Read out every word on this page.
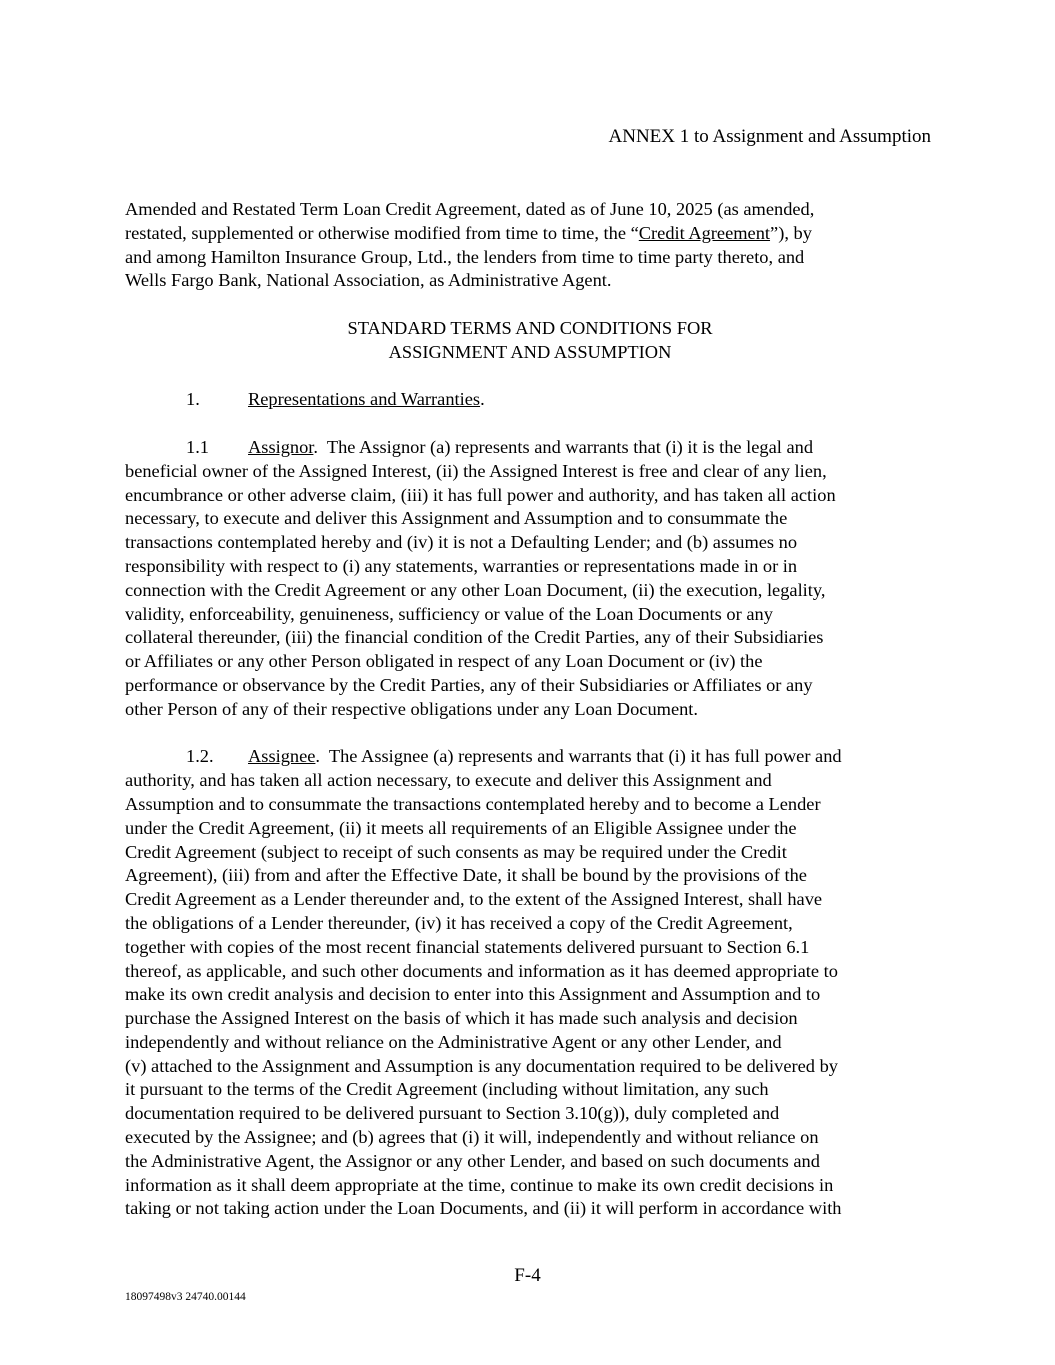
ANNEX 1 to Assignment and Assumption

Amended and Restated Term Loan Credit Agreement, dated as of June 10, 2025 (as amended,
restated, supplemented or otherwise modified from time to time, the “Credit Agreement”), by
and among Hamilton Insurance Group, Ltd., the lenders from time to time party thereto, and
Wells Fargo Bank, National Association, as Administrative Agent.

STANDARD TERMS AND CONDITIONS FOR
ASSIGNMENT AND ASSUMPTION

1.	Representations and Warranties.

1.1 Assignor.  The Assignor (a) represents and warrants that (i) it is the legal and
beneficial owner of the Assigned Interest, (ii) the Assigned Interest is free and clear of any lien,
encumbrance or other adverse claim, (iii) it has full power and authority, and has taken all action
necessary, to execute and deliver this Assignment and Assumption and to consummate the
transactions contemplated hereby and (iv) it is not a Defaulting Lender; and (b) assumes no
responsibility with respect to (i) any statements, warranties or representations made in or in
connection with the Credit Agreement or any other Loan Document, (ii) the execution, legality,
validity, enforceability, genuineness, sufficiency or value of the Loan Documents or any
collateral thereunder, (iii) the financial condition of the Credit Parties, any of their Subsidiaries
or Affiliates or any other Person obligated in respect of any Loan Document or (iv) the
performance or observance by the Credit Parties, any of their Subsidiaries or Affiliates or any
other Person of any of their respective obligations under any Loan Document.

1.2. Assignee.  The Assignee (a) represents and warrants that (i) it has full power and
authority, and has taken all action necessary, to execute and deliver this Assignment and
Assumption and to consummate the transactions contemplated hereby and to become a Lender
under the Credit Agreement, (ii) it meets all requirements of an Eligible Assignee under the
Credit Agreement (subject to receipt of such consents as may be required under the Credit
Agreement), (iii) from and after the Effective Date, it shall be bound by the provisions of the
Credit Agreement as a Lender thereunder and, to the extent of the Assigned Interest, shall have
the obligations of a Lender thereunder, (iv) it has received a copy of the Credit Agreement,
together with copies of the most recent financial statements delivered pursuant to Section 6.1
thereof, as applicable, and such other documents and information as it has deemed appropriate to
make its own credit analysis and decision to enter into this Assignment and Assumption and to
purchase the Assigned Interest on the basis of which it has made such analysis and decision
independently and without reliance on the Administrative Agent or any other Lender, and
(v) attached to the Assignment and Assumption is any documentation required to be delivered by
it pursuant to the terms of the Credit Agreement (including without limitation, any such
documentation required to be delivered pursuant to Section 3.10(g)), duly completed and
executed by the Assignee; and (b) agrees that (i) it will, independently and without reliance on
the Administrative Agent, the Assignor or any other Lender, and based on such documents and
information as it shall deem appropriate at the time, continue to make its own credit decisions in
taking or not taking action under the Loan Documents, and (ii) it will perform in accordance with

F-4
18097498v3 24740.00144
